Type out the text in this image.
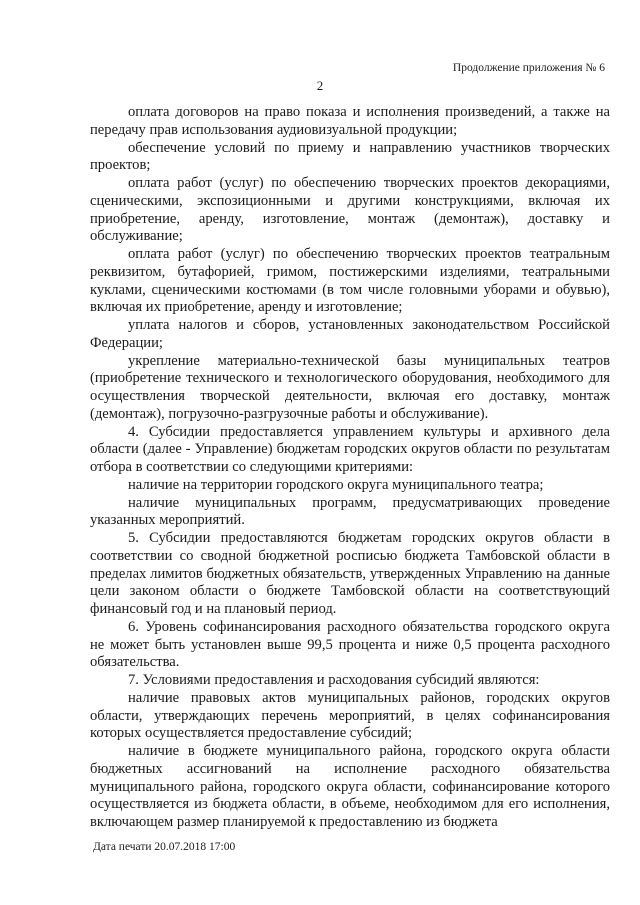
Продолжение приложения № 6
2

оплата договоров на право показа и исполнения произведений, а также на передачу прав использования аудиовизуальной продукции;

обеспечение условий по приему и направлению участников творческих проектов;

оплата работ (услуг) по обеспечению творческих проектов декорациями, сценическими, экспозиционными и другими конструкциями, включая их приобретение, аренду, изготовление, монтаж (демонтаж), доставку и обслуживание;

оплата работ (услуг) по обеспечению творческих проектов театральным реквизитом, бутафорией, гримом, постижерскими изделиями, театральными куклами, сценическими костюмами (в том числе головными уборами и обувью), включая их приобретение, аренду и изготовление;

уплата налогов и сборов, установленных законодательством Российской Федерации;

укрепление материально-технической базы муниципальных театров (приобретение технического и технологического оборудования, необходимого для осуществления творческой деятельности, включая его доставку, монтаж (демонтаж), погрузочно-разгрузочные работы и обслуживание).

4. Субсидии предоставляется управлением культуры и архивного дела области (далее - Управление) бюджетам городских округов области по результатам отбора в соответствии со следующими критериями:

наличие на территории городского округа муниципального театра;

наличие муниципальных программ, предусматривающих проведение указанных мероприятий.

5. Субсидии предоставляются бюджетам городских округов области в соответствии со сводной бюджетной росписью бюджета Тамбовской области в пределах лимитов бюджетных обязательств, утвержденных Управлению на данные цели законом области о бюджете Тамбовской области на соответствующий финансовый год и на плановый период.

6. Уровень софинансирования расходного обязательства городского округа не может быть установлен выше 99,5 процента и ниже 0,5 процента расходного обязательства.

7. Условиями предоставления и расходования субсидий являются:

наличие правовых актов муниципальных районов, городских округов области, утверждающих перечень мероприятий, в целях софинансирования которых осуществляется предоставление субсидий;

наличие в бюджете муниципального района, городского округа области бюджетных ассигнований на исполнение расходного обязательства муниципального района, городского округа области, софинансирование которого осуществляется из бюджета области, в объеме, необходимом для его исполнения, включающем размер планируемой к предоставлению из бюджета

Дата печати 20.07.2018 17:00
